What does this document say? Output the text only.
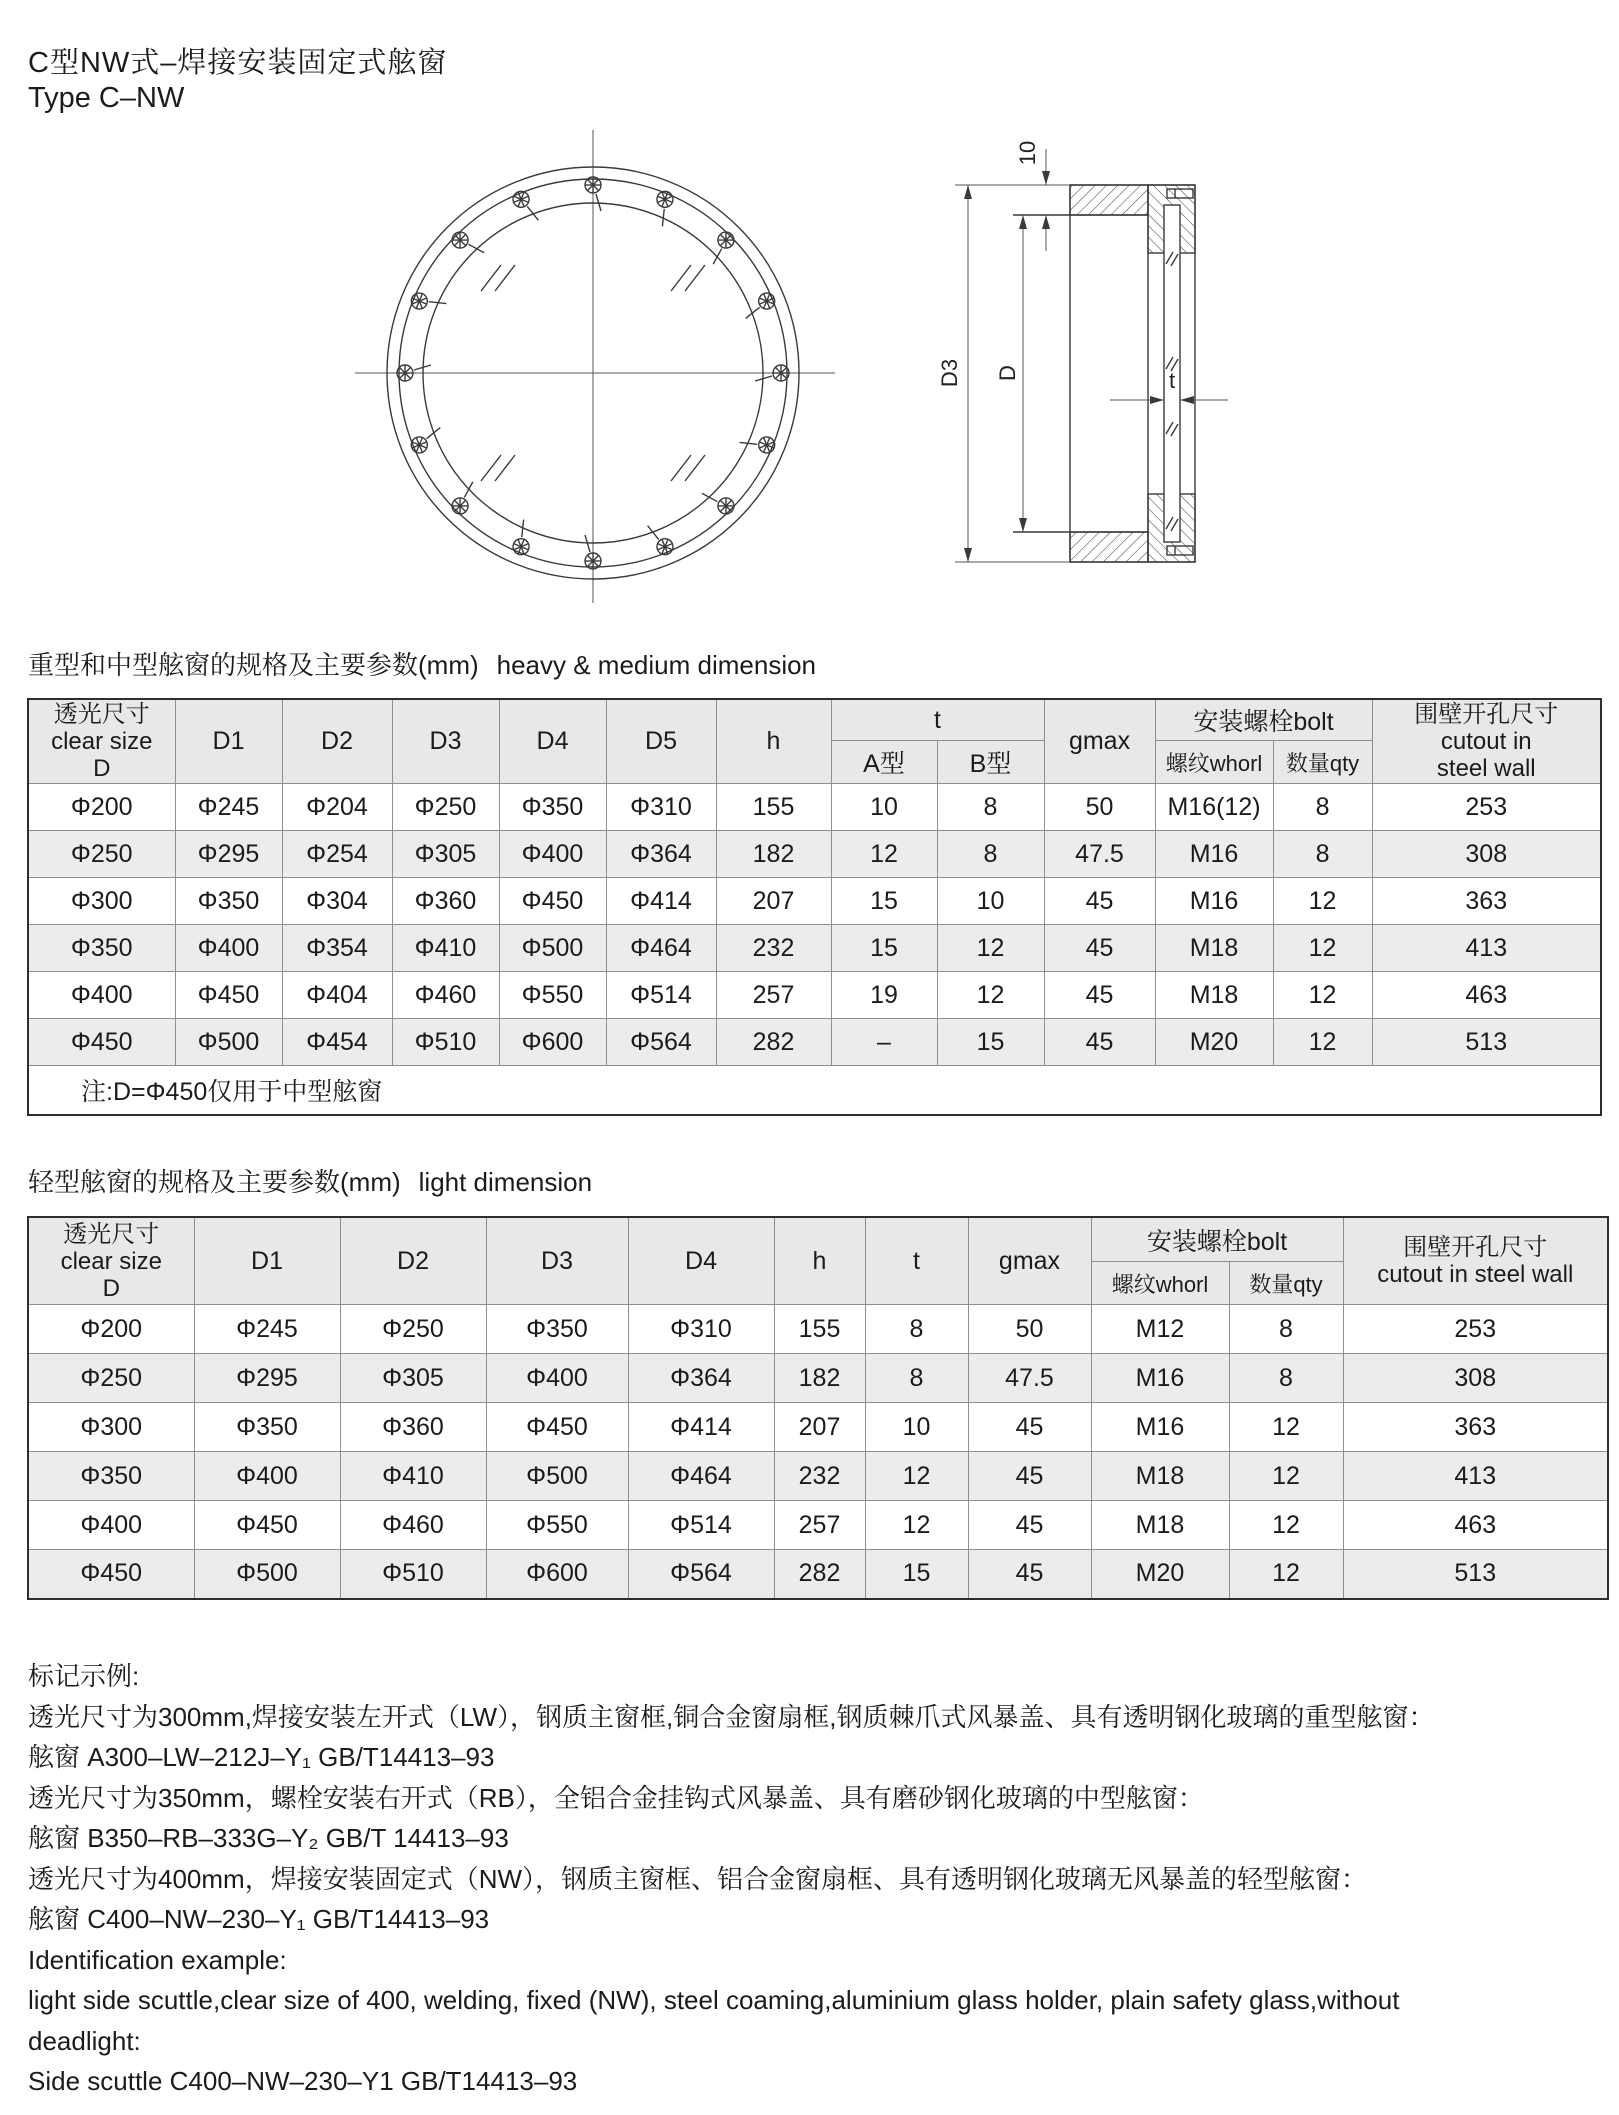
C型NW式–焊接安装固定式舷窗
Type C–NW
D3 D
10
t
重型和中型舷窗的规格及主要参数(mm) heavy & medium dimension
透光尺寸
clear size
D
	D1	D2	D3	D4	D5	h	t	gmax	安装螺栓bolt	围壁开孔尺寸
cutout in
steel wall

							A型	B型		螺纹whorl	数量qty	
Φ200	Φ245	Φ204	Φ250	Φ350	Φ310	155	10	8	50	M16(12)	8	253
Φ250	Φ295	Φ254	Φ305	Φ400	Φ364	182	12	8	47.5	M16	8	308
Φ300	Φ350	Φ304	Φ360	Φ450	Φ414	207	15	10	45	M16	12	363
Φ350	Φ400	Φ354	Φ410	Φ500	Φ464	232	15	12	45	M18	12	413
Φ400	Φ450	Φ404	Φ460	Φ550	Φ514	257	19	12	45	M18	12	463
Φ450	Φ500	Φ454	Φ510	Φ600	Φ564	282	–	15	45	M20	12	513
注:D=Φ450仅用于中型舷窗												
轻型舷窗的规格及主要参数(mm) light dimension
透光尺寸
clear size
D
	D1	D2	D3	D4	h	t	gmax	安装螺栓bolt	围壁开孔尺寸
cutout in steel wall

								螺纹whorl	数量qty	
Φ200	Φ245	Φ250	Φ350	Φ310	155	8	50	M12	8	253
Φ250	Φ295	Φ305	Φ400	Φ364	182	8	47.5	M16	8	308
Φ300	Φ350	Φ360	Φ450	Φ414	207	10	45	M16	12	363
Φ350	Φ400	Φ410	Φ500	Φ464	232	12	45	M18	12	413
Φ400	Φ450	Φ460	Φ550	Φ514	257	12	45	M18	12	463
Φ450	Φ500	Φ510	Φ600	Φ564	282	15	45	M20	12	513

标记示例:

透光尺寸为300mm,焊接安装左开式（LW），钢质主窗框,铜合金窗扇框,钢质棘爪式风暴盖、具有透明钢化玻璃的重型舷窗：

舷窗 A300–LW–212J–Y₁ GB/T14413–93

透光尺寸为350mm，螺栓安装右开式（RB），全铝合金挂钩式风暴盖、具有磨砂钢化玻璃的中型舷窗：

舷窗 B350–RB–333G–Y₂ GB/T 14413–93

透光尺寸为400mm，焊接安装固定式（NW），钢质主窗框、铝合金窗扇框、具有透明钢化玻璃无风暴盖的轻型舷窗：

舷窗 C400–NW–230–Y₁ GB/T14413–93

Identification example:

light side scuttle,clear size of 400, welding, fixed (NW), steel coaming,aluminium glass holder, plain safety glass,without

deadlight:

Side scuttle C400–NW–230–Y1 GB/T14413–93
